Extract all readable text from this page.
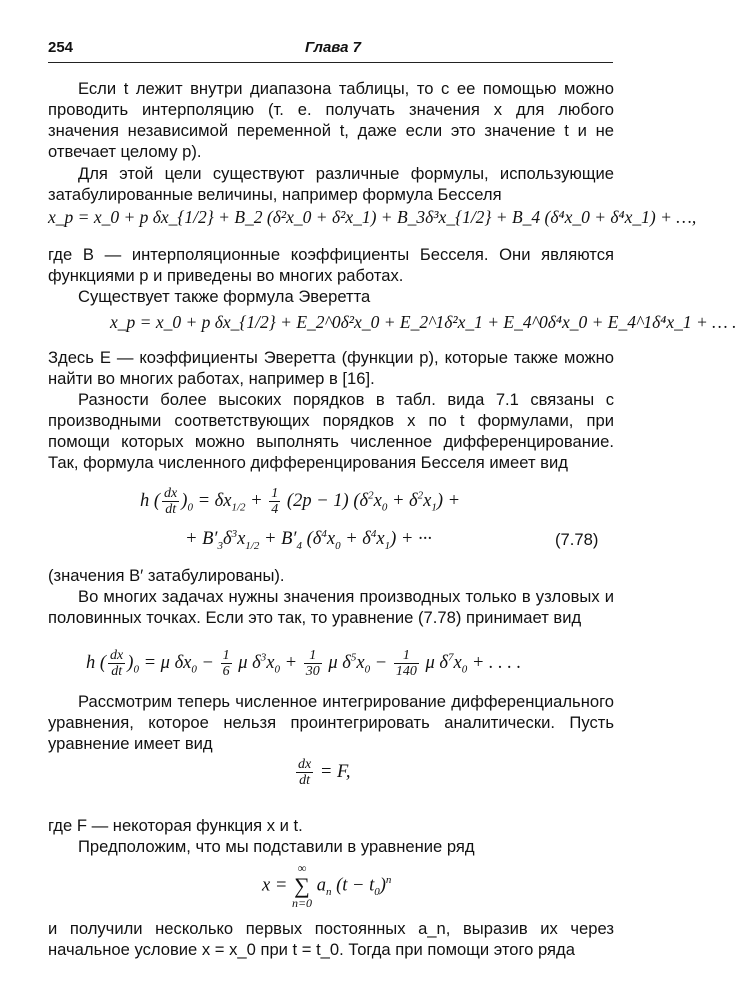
254	Глава 7

Если t лежит внутри диапазона таблицы, то с ее помощью можно проводить интерполяцию (т. е. получать значения x для любого значения независимой переменной t, даже если это значение t и не отвечает целому p).

Для этой цели существуют различные формулы, использующие затабулированные величины, например формула Бесселя

x_p = x_0 + p δx_{1/2} + B_2 (δ²x_0 + δ²x_1) + B_3δ³x_{1/2} + B_4 (δ⁴x_0 + δ⁴x_1) + …,

где B — интерполяционные коэффициенты Бесселя. Они являются функциями p и приведены во многих работах.

Существует также формула Эверетта

x_p = x_0 + p δx_{1/2} + E_2^0δ²x_0 + E_2^1δ²x_1 + E_4^0δ⁴x_0 + E_4^1δ⁴x_1 + … .

Здесь E — коэффициенты Эверетта (функции p), которые также можно найти во многих работах, например в [16].

Разности более высоких порядков в табл. вида 7.1 связаны с производными соответствующих порядков x по t формулами, при помощи которых можно выполнять численное дифференцирование. Так, формула численного дифференцирования Бесселя имеет вид

h ( $\frac{dx}{dt} )_0 = \delta x_{1/2} + \frac{1}{4} (2p - 1)$ $(\delta^2x_0 + \delta^2x_1)$ +
+ $B'_3\delta^3x_{1/2} + B'_4$ $(\delta^4x_0 + \delta^4x_1)$ + ···	(7.78)

(значения B′ затабулированы).

Во многих задачах нужны значения производных только в узловых и половинных точках. Если это так, то уравнение (7.78) принимает вид

h ( $\frac{dx}{dt} )_0 = \mu$ $\delta x_0 - \frac{1}{6}$ μ $\delta^3x_0 + \frac{1}{30}$ μ $\delta^5x_0 - \frac{1}{140}$ μ $\delta^7x_0$ + . . . .

Рассмотрим теперь численное интегрирование дифференциального уравнения, которое нельзя проинтегрировать аналитически. Пусть уравнение имеет вид

$\frac{dx}{dt} = F$,

где F — некоторая функция x и t.

Предположим, что мы подставили в уравнение ряд

x =
∞
∑
n=0
$a_n$ $(t - t_0)^n$

и получили несколько первых постоянных a_n, выразив их через начальное условие x = x_0 при t = t_0. Тогда при помощи этого ряда
